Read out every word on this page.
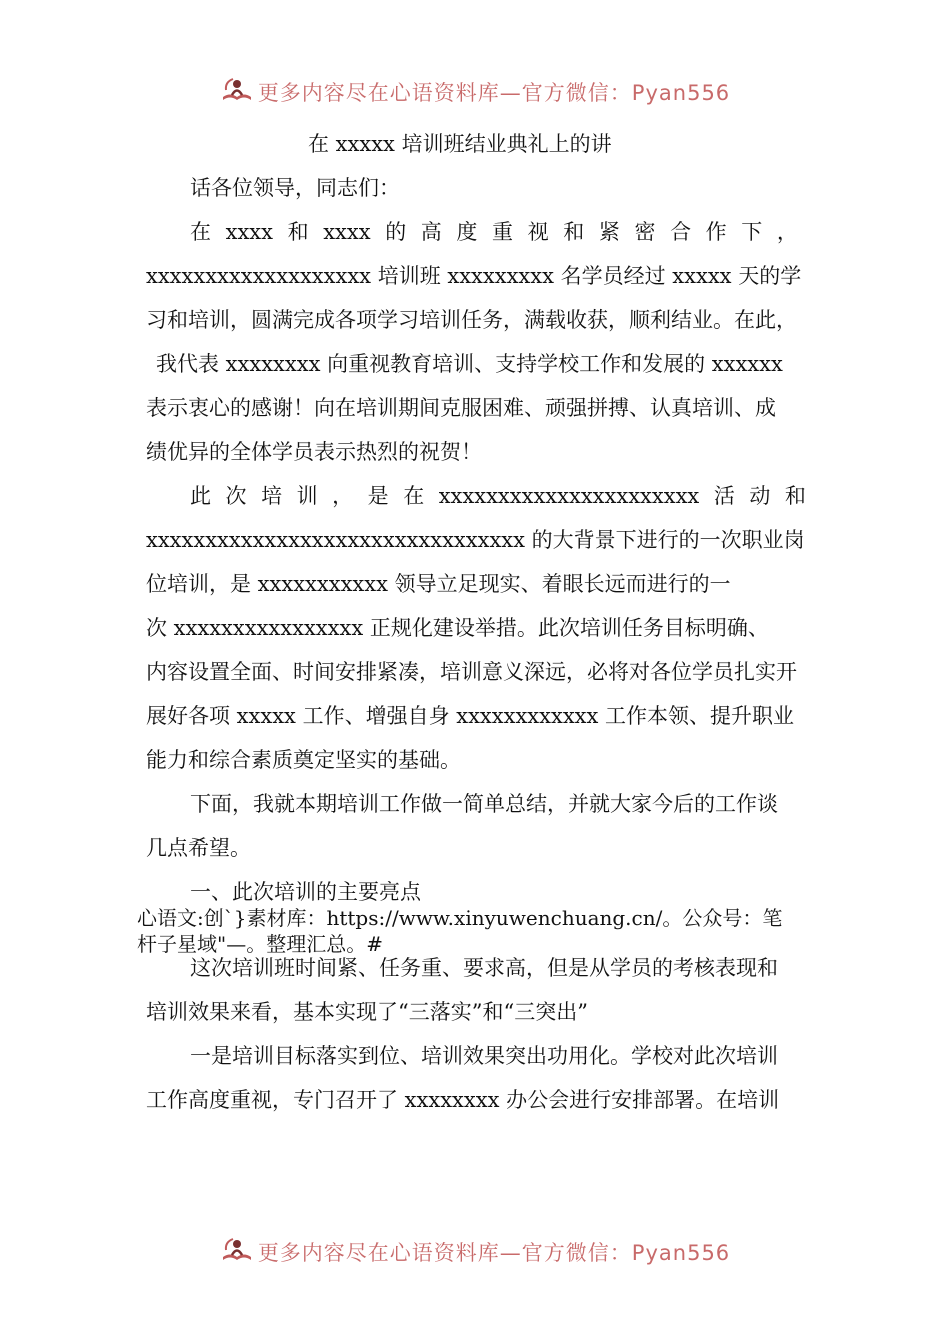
更多内容尽在心语资料库—官方微信：Pyan556
在 xxxxx 培训班结业典礼上的讲
话各位领导，同志们：
在 xxxx 和 xxxx 的 高 度 重 视 和 紧 密 合 作 下 ，
xxxxxxxxxxxxxxxxxxx 培训班 xxxxxxxxx 名学员经过 xxxxx 天的学
习和培训，圆满完成各项学习培训任务，满载收获，顺利结业。在此，
我代表 xxxxxxxx 向重视教育培训、支持学校工作和发展的 xxxxxx
表示衷心的感谢！向在培训期间克服困难、顽强拼搏、认真培训、成
绩优异的全体学员表示热烈的祝贺！
此 次 培 训 ， 是 在 xxxxxxxxxxxxxxxxxxxxxx 活 动 和
xxxxxxxxxxxxxxxxxxxxxxxxxxxxxxxx 的大背景下进行的一次职业岗
位培训，是 xxxxxxxxxxx 领导立足现实、着眼长远而进行的一
次 xxxxxxxxxxxxxxxx 正规化建设举措。此次培训任务目标明确、
内容设置全面、时间安排紧凑，培训意义深远，必将对各位学员扎实开
展好各项 xxxxx 工作、增强自身 xxxxxxxxxxxx 工作本领、提升职业
能力和综合素质奠定坚实的基础。
下面，我就本期培训工作做一简单总结，并就大家今后的工作谈
几点希望。
一、此次培训的主要亮点
心语文:创`}素材库：https://www.xinyuwenchuang.cn/。公众号：笔
杆子星域"—。整理汇总。#
这次培训班时间紧、任务重、要求高，但是从学员的考核表现和
培训效果来看，基本实现了“三落实”和“三突出”
一是培训目标落实到位、培训效果突出功用化。学校对此次培训
工作高度重视，专门召开了 xxxxxxxx 办公会进行安排部署。在培训
更多内容尽在心语资料库—官方微信：Pyan556
